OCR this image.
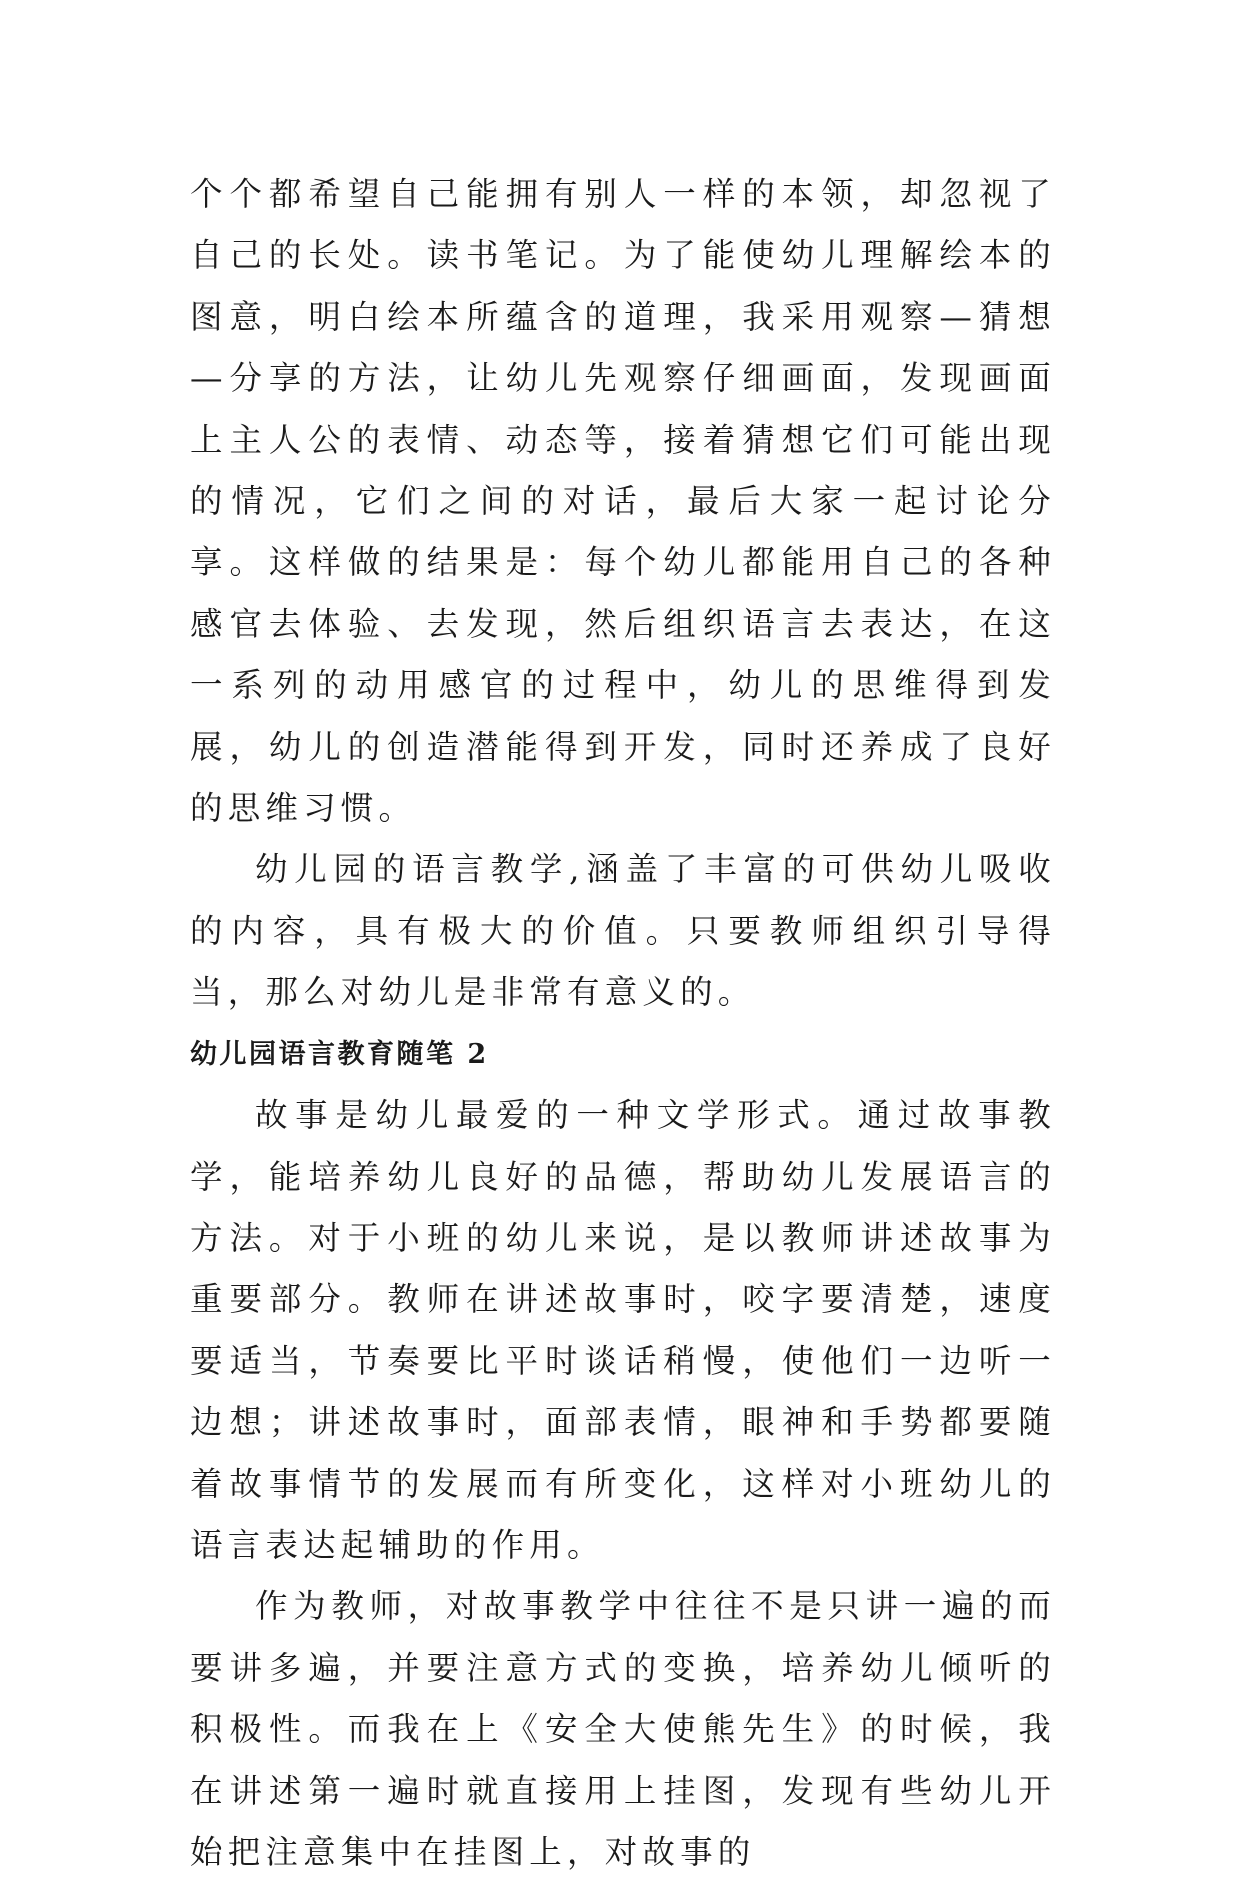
个个都希望自己能拥有别人一样的本领，却忽视了自己的长处。读书笔记。为了能使幼儿理解绘本的图意，明白绘本所蕴含的道理，我采用观察—猜想—分享的方法，让幼儿先观察仔细画面，发现画面上主人公的表情、动态等，接着猜想它们可能出现的情况，它们之间的对话，最后大家一起讨论分享。这样做的结果是：每个幼儿都能用自己的各种感官去体验、去发现，然后组织语言去表达，在这一系列的动用感官的过程中，幼儿的思维得到发展，幼儿的创造潜能得到开发，同时还养成了良好的思维习惯。

幼儿园的语言教学,涵盖了丰富的可供幼儿吸收的内容，具有极大的价值。只要教师组织引导得当，那么对幼儿是非常有意义的。

幼儿园语言教育随笔 2

故事是幼儿最爱的一种文学形式。通过故事教学，能培养幼儿良好的品德，帮助幼儿发展语言的方法。对于小班的幼儿来说，是以教师讲述故事为重要部分。教师在讲述故事时，咬字要清楚，速度要适当，节奏要比平时谈话稍慢，使他们一边听一边想；讲述故事时，面部表情，眼神和手势都要随着故事情节的发展而有所变化，这样对小班幼儿的语言表达起辅助的作用。

作为教师，对故事教学中往往不是只讲一遍的而要讲多遍，并要注意方式的变换，培养幼儿倾听的积极性。而我在上《安全大使熊先生》的时候，我在讲述第一遍时就直接用上挂图，发现有些幼儿开始把注意集中在挂图上，对故事的
